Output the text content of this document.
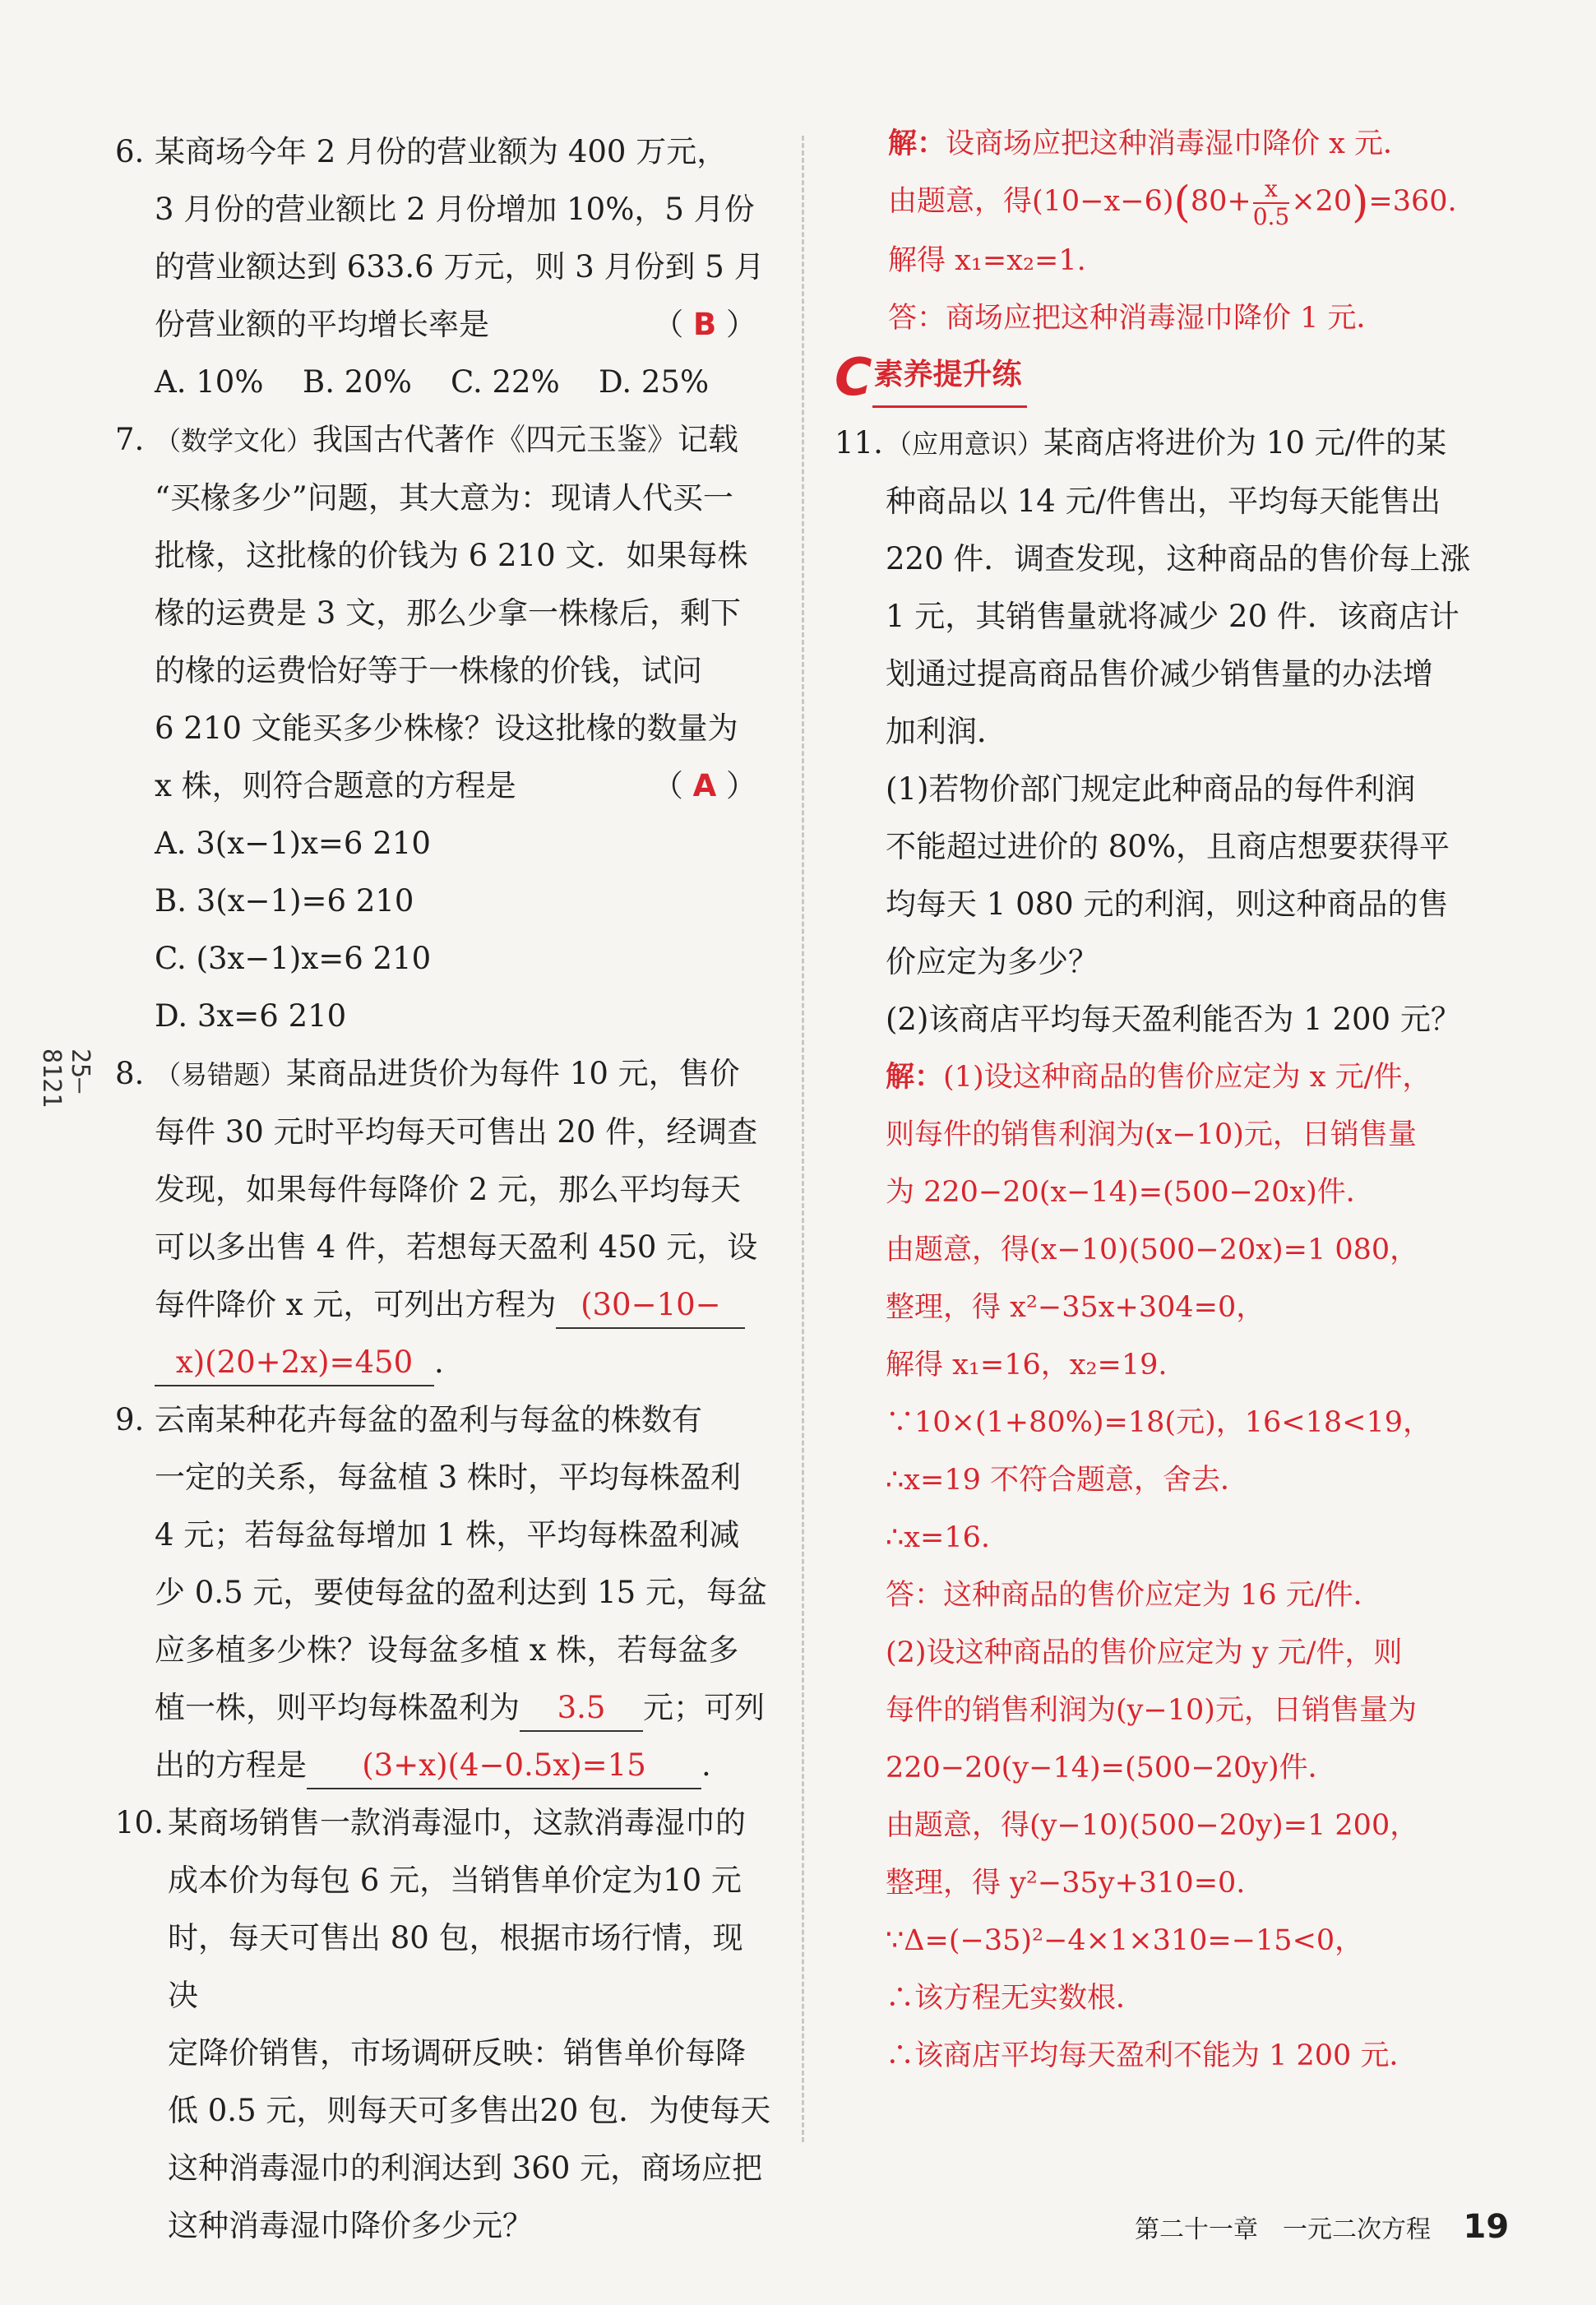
25—8121
6. 某商场今年 2 月份的营业额为 400 万元，
3 月份的营业额比 2 月份增加 10%，5 月份
的营业额达到 633.6 万元，则 3 月份到 5 月
份营业额的平均增长率是	（ B ）
A. 10%	B. 20%	C. 22%	D. 25%
7. （数学文化）我国古代著作《四元玉鉴》记载
“买椽多少”问题，其大意为：现请人代买一
批椽，这批椽的价钱为 6 210 文．如果每株
椽的运费是 3 文，那么少拿一株椽后，剩下
的椽的运费恰好等于一株椽的价钱，试问
6 210 文能买多少株椽？设这批椽的数量为
x 株，则符合题意的方程是	（ A ）
A. 3(x−1)x=6 210
B. 3(x−1)=6 210
C. (3x−1)x=6 210
D. 3x=6 210
8. （易错题）某商品进货价为每件 10 元，售价
每件 30 元时平均每天可售出 20 件，经调查
发现，如果每件每降价 2 元，那么平均每天
可以多出售 4 件，若想每天盈利 450 元，设
每件降价 x 元，可列出方程为 (30−10−
x)(20+2x)=450 .
9. 云南某种花卉每盆的盈利与每盆的株数有
一定的关系，每盆植 3 株时，平均每株盈利
4 元；若每盆每增加 1 株，平均每株盈利减
少 0.5 元，要使每盆的盈利达到 15 元，每盆
应多植多少株？设每盆多植 x 株，若每盆多
植一株，则平均每株盈利为 3.5 元；可列
出的方程是 (3+x)(4−0.5x)=15 .
10. 某商场销售一款消毒湿巾，这款消毒湿巾的
成本价为每包 6 元，当销售单价定为10 元
时，每天可售出 80 包，根据市场行情，现决
定降价销售，市场调研反映：销售单价每降
低 0.5 元，则每天可多售出20 包．为使每天
这种消毒湿巾的利润达到 360 元，商场应把
这种消毒湿巾降价多少元？
解：设商场应把这种消毒湿巾降价 x 元．
由题意，得$(10-x-6)(80+ \frac{x}{0.5} \times 20)=360$.
解得 x₁=x₂=1.
答：商场应把这种消毒湿巾降价 1 元．
C 素养提升练
11. （应用意识）某商店将进价为 10 元/件的某
种商品以 14 元/件售出，平均每天能售出
220 件．调查发现，这种商品的售价每上涨
1 元，其销售量就将减少 20 件．该商店计
划通过提高商品售价减少销售量的办法增
加利润．
(1)若物价部门规定此种商品的每件利润
不能超过进价的 80%，且商店想要获得平
均每天 1 080 元的利润，则这种商品的售
价应定为多少？
(2)该商店平均每天盈利能否为 1 200 元？
解：(1)设这种商品的售价应定为 x 元/件，
则每件的销售利润为(x−10)元，日销售量
为 220−20(x−14)=(500−20x)件．
由题意，得(x−10)(500−20x)=1 080，
整理，得 x²−35x+304=0，
解得 x₁=16，x₂=19.
∵10×(1+80%)=18(元)，16<18<19，
∴x=19 不符合题意，舍去．
∴x=16.
答：这种商品的售价应定为 16 元/件．
(2)设这种商品的售价应定为 y 元/件，则
每件的销售利润为(y−10)元，日销售量为
220−20(y−14)=(500−20y)件．
由题意，得(y−10)(500−20y)=1 200，
整理，得 y²−35y+310=0.
∵Δ=(−35)²−4×1×310=−15<0，
∴该方程无实数根．
∴该商店平均每天盈利不能为 1 200 元．
第二十一章　一元二次方程 19
